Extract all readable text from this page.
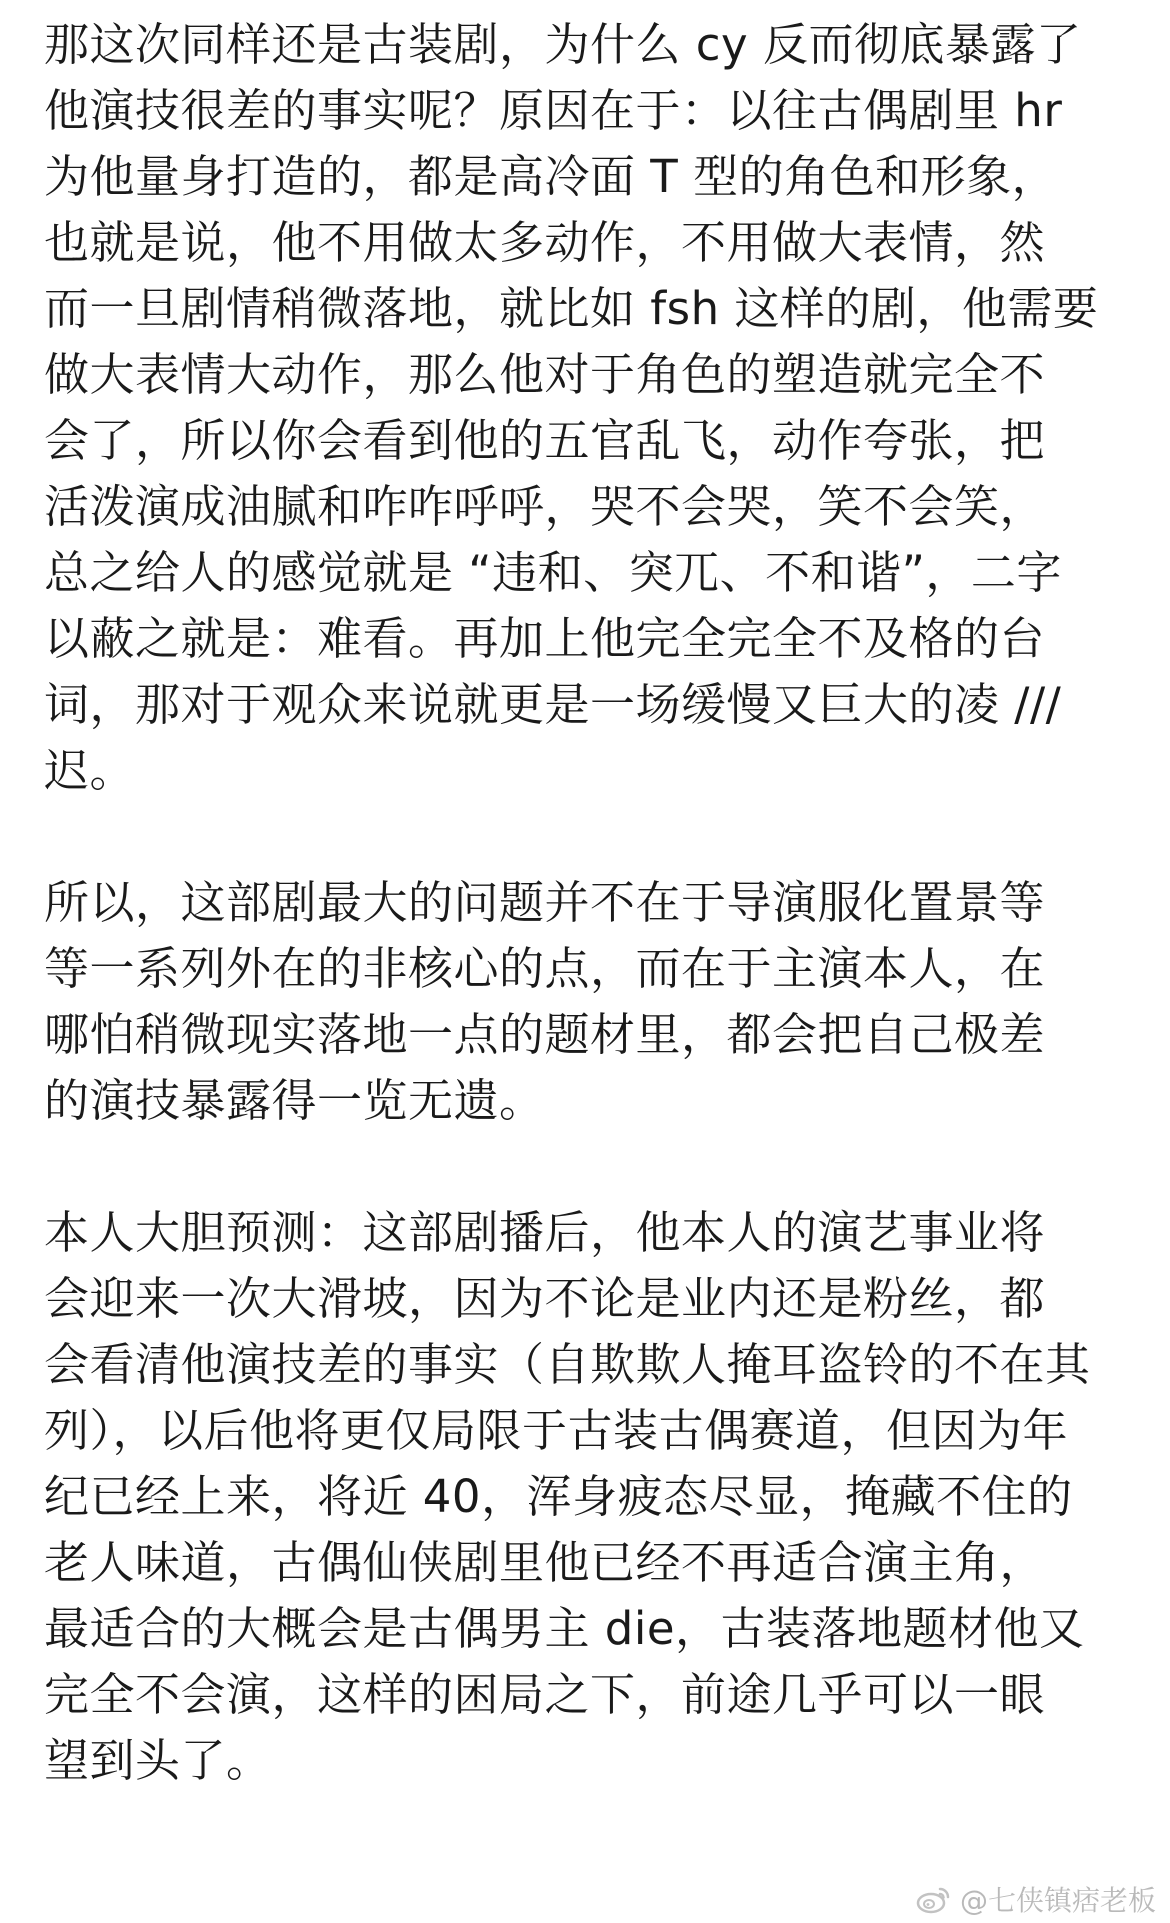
那这次同样还是古装剧，为什么 cy 反而彻底暴露了
他演技很差的事实呢？原因在于：以往古偶剧里 hr
为他量身打造的，都是高冷面 T 型的角色和形象，
也就是说，他不用做太多动作，不用做大表情，然
而一旦剧情稍微落地，就比如 fsh 这样的剧，他需要
做大表情大动作，那么他对于角色的塑造就完全不
会了，所以你会看到他的五官乱飞，动作夸张，把
活泼演成油腻和咋咋呼呼，哭不会哭，笑不会笑，
总之给人的感觉就是 “违和、突兀、不和谐”，二字
以蔽之就是：难看。再加上他完全完全不及格的台
词，那对于观众来说就更是一场缓慢又巨大的凌 ///
迟。
所以，这部剧最大的问题并不在于导演服化置景等
等一系列外在的非核心的点，而在于主演本人，在
哪怕稍微现实落地一点的题材里，都会把自己极差
的演技暴露得一览无遗。
本人大胆预测：这部剧播后，他本人的演艺事业将
会迎来一次大滑坡，因为不论是业内还是粉丝，都
会看清他演技差的事实（自欺欺人掩耳盗铃的不在其
列），以后他将更仅局限于古装古偶赛道，但因为年
纪已经上来，将近 40，浑身疲态尽显，掩藏不住的
老人味道，古偶仙侠剧里他已经不再适合演主角，
最适合的大概会是古偶男主 die，古装落地题材他又
完全不会演，这样的困局之下，前途几乎可以一眼
望到头了。
@七侠镇痞老板
